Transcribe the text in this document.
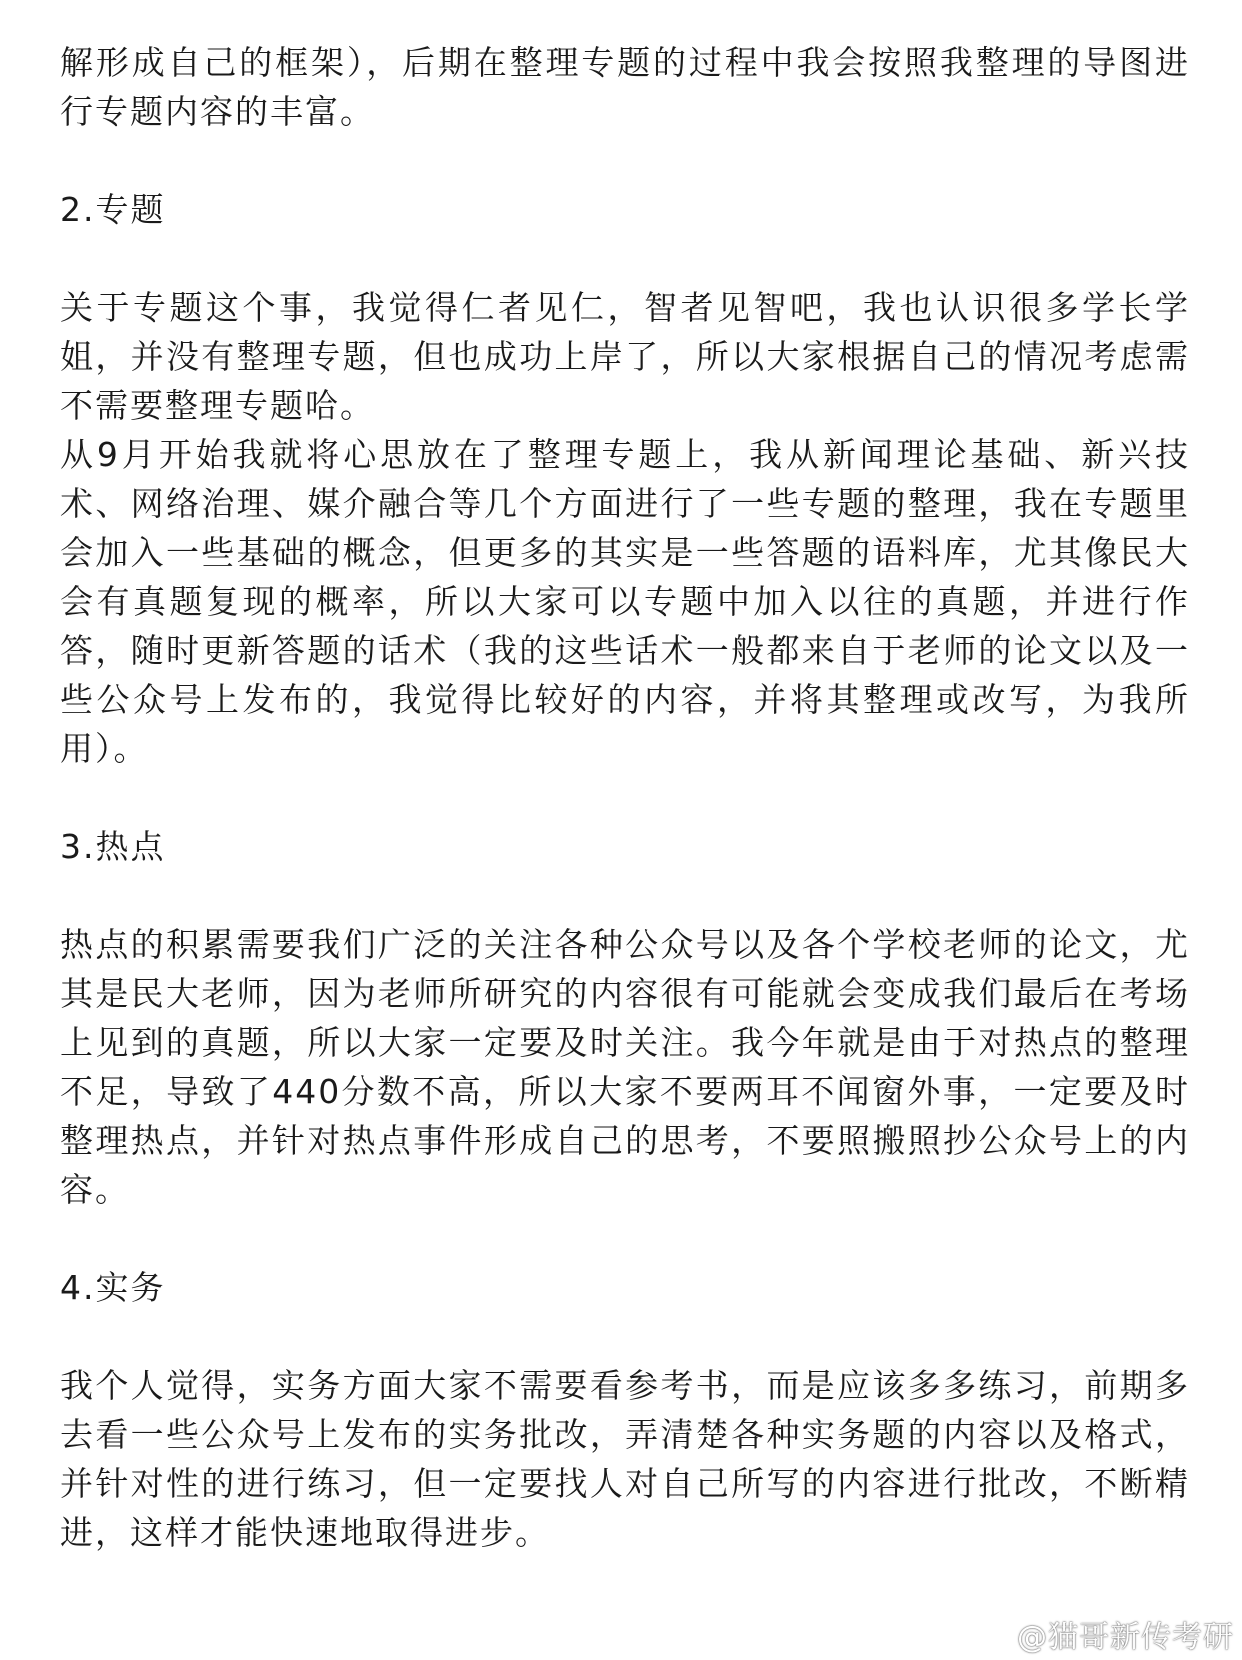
解形成自己的框架），后期在整理专题的过程中我会按照我整理的导图进行专题内容的丰富。

2.专题

关于专题这个事，我觉得仁者见仁，智者见智吧，我也认识很多学长学姐，并没有整理专题，但也成功上岸了，所以大家根据自己的情况考虑需不需要整理专题哈。
从9月开始我就将心思放在了整理专题上，我从新闻理论基础、新兴技术、网络治理、媒介融合等几个方面进行了一些专题的整理，我在专题里会加入一些基础的概念，但更多的其实是一些答题的语料库，尤其像民大会有真题复现的概率，所以大家可以专题中加入以往的真题，并进行作答，随时更新答题的话术（我的这些话术一般都来自于老师的论文以及一些公众号上发布的，我觉得比较好的内容，并将其整理或改写，为我所用）。

3.热点

热点的积累需要我们广泛的关注各种公众号以及各个学校老师的论文，尤其是民大老师，因为老师所研究的内容很有可能就会变成我们最后在考场上见到的真题，所以大家一定要及时关注。我今年就是由于对热点的整理不足，导致了440分数不高，所以大家不要两耳不闻窗外事，一定要及时整理热点，并针对热点事件形成自己的思考，不要照搬照抄公众号上的内容。

4.实务

我个人觉得，实务方面大家不需要看参考书，而是应该多多练习，前期多去看一些公众号上发布的实务批改，弄清楚各种实务题的内容以及格式，并针对性的进行练习，但一定要找人对自己所写的内容进行批改，不断精进，这样才能快速地取得进步。

@猫哥新传考研
